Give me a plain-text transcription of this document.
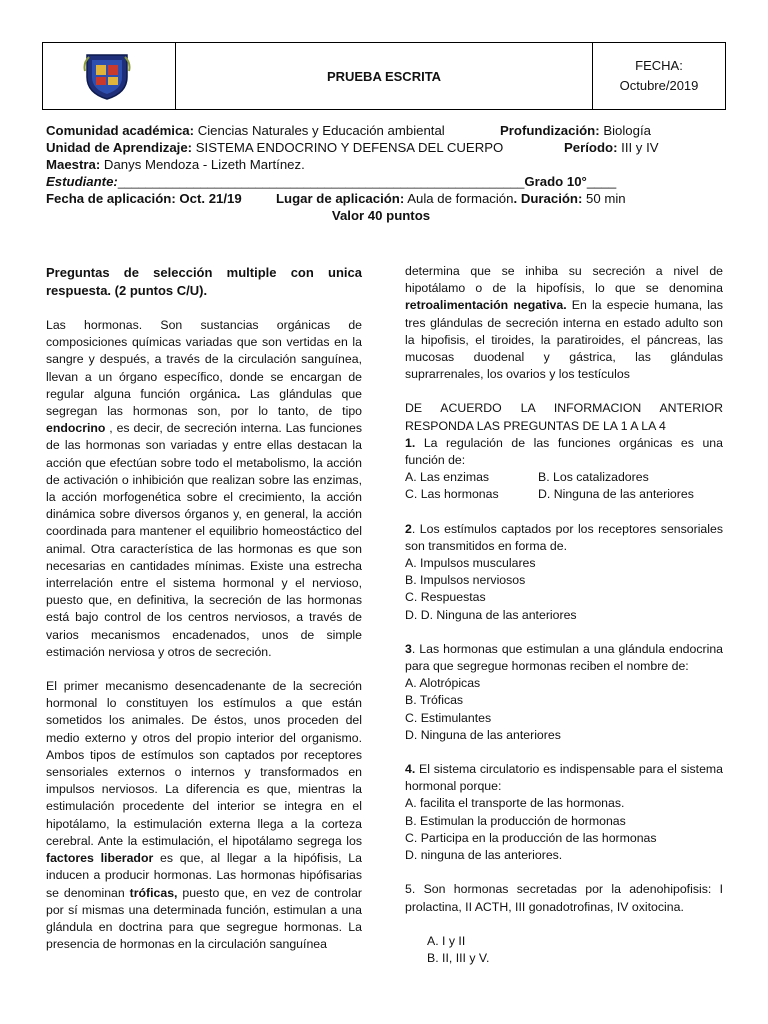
PRUEBA ESCRITA
FECHA:
Octubre/2019
Comunidad académica: Ciencias Naturales y Educación ambiental	Profundización: Biología
Unidad de Aprendizaje: SISTEMA ENDOCRINO Y DEFENSA DEL CUERPO	Período: III y IV
Maestra: Danys Mendoza - Lizeth Martínez.
Estudiante:___________________________________________________________Grado 10°____
Fecha de aplicación: Oct. 21/19	Lugar de aplicación: Aula de formación. Duración: 50 min
Valor 40 puntos

Preguntas de selección multiple con unica respuesta. (2 puntos C/U).

Las hormonas. Son sustancias orgánicas de composiciones químicas variadas que son vertidas en la sangre y después, a través de la circulación sanguínea, llevan a un órgano específico, donde se encargan de regular alguna función orgánica. Las glándulas que segregan las hormonas son, por lo tanto, de tipo endocrino , es decir, de secreción interna. Las funciones de las hormonas son variadas y entre ellas destacan la acción que efectúan sobre todo el metabolismo, la acción de activación o inhibición que realizan sobre las enzimas, la acción morfogenética sobre el crecimiento, la acción dinámica sobre diversos órganos y, en general, la acción coordinada para mantener el equilibrio homeostáctico del animal. Otra característica de las hormonas es que son necesarias en cantidades mínimas. Existe una estrecha interrelación entre el sistema hormonal y el nervioso, puesto que, en definitiva, la secreción de las hormonas está bajo control de los centros nerviosos, a través de varios mecanismos encadenados, unos de simple estimación nerviosa y otros de secreción.

El primer mecanismo desencadenante de la secreción hormonal lo constituyen los estímulos a que están sometidos los animales. De éstos, unos proceden del medio externo y otros del propio interior del organismo. Ambos tipos de estímulos son captados por receptores sensoriales externos o internos y transformados en impulsos nerviosos. La diferencia es que, mientras la estimulación procedente del interior se integra en el hipotálamo, la estimulación externa llega a la corteza cerebral. Ante la estimulación, el hipotálamo segrega los factores liberador es que, al llegar a la hipófisis, La inducen a producir hormonas. Las hormonas hipófisarias se denominan tróficas, puesto que, en vez de controlar por sí mismas una determinada función, estimulan a una glándula en doctrina para que segregue hormonas. La presencia de hormonas en la circulación sanguínea

determina que se inhiba su secreción a nivel de hipotálamo o de la hipofísis, lo que se denomina retroalimentación negativa. En la especie humana, las tres glándulas de secreción interna en estado adulto son la hipofisis, el tiroides, la paratiroides, el páncreas, las mucosas duodenal y gástrica, las glándulas suprarrenales, los ovarios y los testículos

DE ACUERDO LA INFORMACION ANTERIOR RESPONDA LAS PREGUNTAS DE LA 1 A LA 4

1. La regulación de las funciones orgánicas es una función de:

A. Las enzimas	B. Los catalizadores
C. Las hormonas	D. Ninguna de las anteriores

2. Los estímulos captados por los receptores sensoriales son transmitidos en forma de.

A. Impulsos musculares
B. Impulsos nerviosos
C. Respuestas
D. D. Ninguna de las anteriores

3. Las hormonas que estimulan a una glándula endocrina para que segregue hormonas reciben el nombre de:

A. Alotrópicas
B. Tróficas
C. Estimulantes
D. Ninguna de las anteriores

4. El sistema circulatorio es indispensable para el sistema hormonal porque:

A. facilita el transporte de las hormonas.
B. Estimulan la producción de hormonas
C. Participa en la producción de las hormonas
D. ninguna de las anteriores.

5. Son hormonas secretadas por la adenohipofisis: I prolactina, II ACTH, III gonadotrofinas, IV oxitocina.

A. I y II
B. II, III y V.
